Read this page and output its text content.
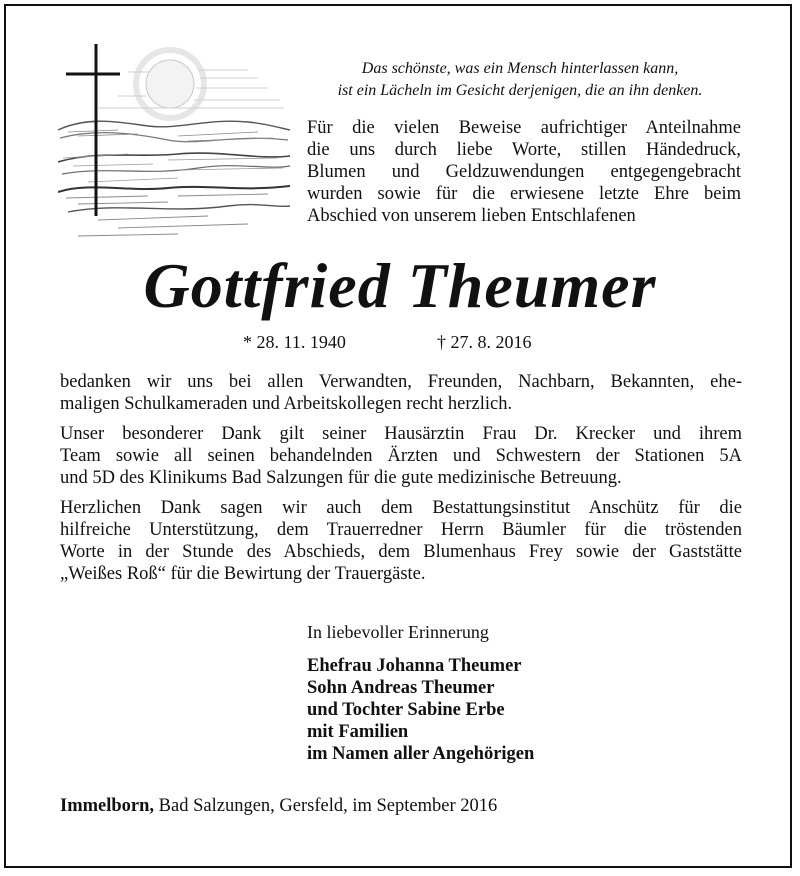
Das schönste, was ein Mensch hinterlassen kann,
ist ein Lächeln im Gesicht derjenigen, die an ihn denken.
Für die vielen Beweise aufrichtiger Anteilnahme
die uns durch liebe Worte, stillen Händedruck,
Blumen und Geldzuwendungen entgegengebracht
wurden sowie für die erwiesene letzte Ehre beim
Abschied von unserem lieben Entschlafenen
Gottfried Theumer
* 28. 11. 1940	† 27. 8. 2016
bedanken wir uns bei allen Verwandten, Freunden, Nachbarn, Bekannten, ehe-
maligen Schulkameraden und Arbeitskollegen recht herzlich.
Unser besonderer Dank gilt seiner Hausärztin Frau Dr. Krecker und ihrem
Team sowie all seinen behandelnden Ärzten und Schwestern der Stationen 5A
und 5D des Klinikums Bad Salzungen für die gute medizinische Betreuung.
Herzlichen Dank sagen wir auch dem Bestattungsinstitut Anschütz für die
hilfreiche Unterstützung, dem Trauerredner Herrn Bäumler für die tröstenden
Worte in der Stunde des Abschieds, dem Blumenhaus Frey sowie der Gaststätte
„Weißes Roß“ für die Bewirtung der Trauergäste.
In liebevoller Erinnerung
Ehefrau Johanna Theumer
Sohn Andreas Theumer
und Tochter Sabine Erbe
mit Familien
im Namen aller Angehörigen
Immelborn, Bad Salzungen, Gersfeld, im September 2016
